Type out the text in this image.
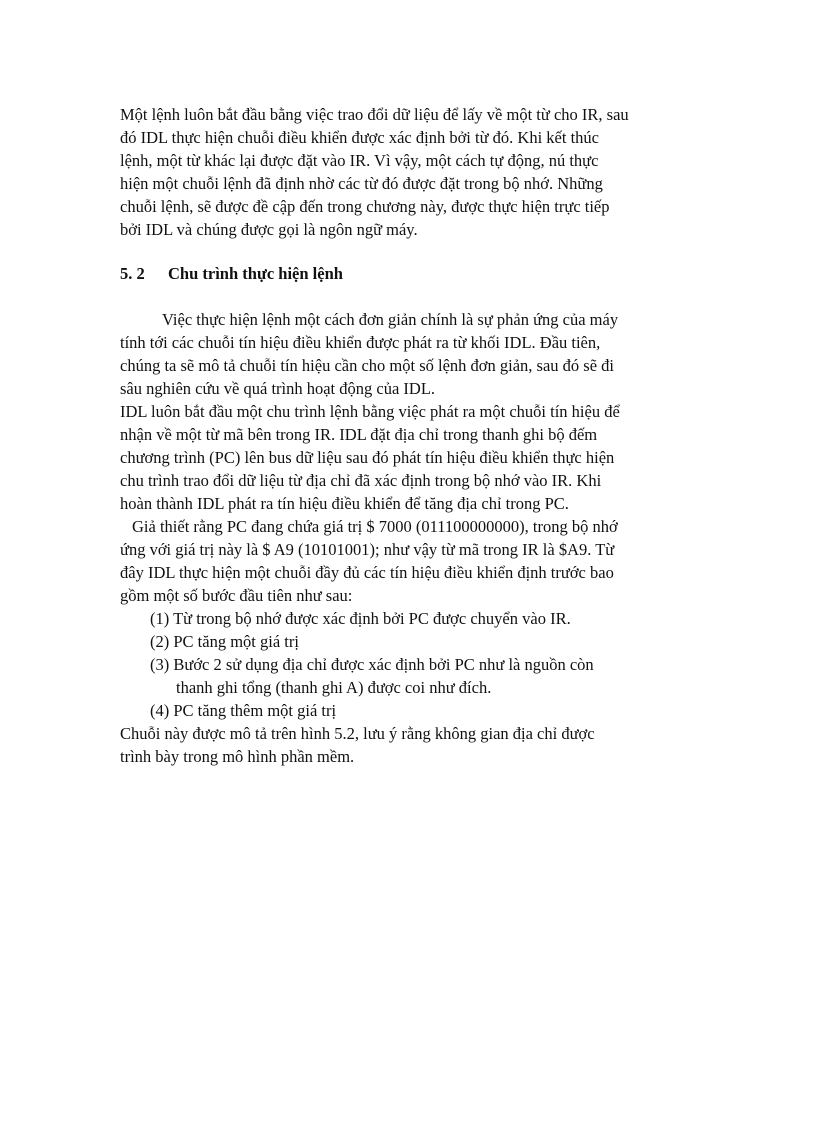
Một lệnh luôn bắt đầu bằng việc trao đổi dữ liệu để lấy về một từ cho IR, sau
đó IDL thực hiện chuỗi điều khiển được xác định bởi từ đó. Khi kết thúc
lệnh, một từ khác lại được đặt vào IR. Vì vậy, một cách tự động, nú thực
hiện một chuỗi lệnh đã định nhờ các từ đó được đặt trong bộ nhớ. Những
chuỗi lệnh, sẽ được đề cập đến trong chương này, được thực hiện trực tiếp
bởi IDL và chúng được gọi là ngôn ngữ máy.
5. 2 Chu trình thực hiện lệnh
Việc thực hiện lệnh một cách đơn giản chính là sự phản ứng của máy
tính tới các chuỗi tín hiệu điều khiển được phát ra từ khối IDL. Đầu tiên,
chúng ta sẽ mô tả chuỗi tín hiệu cần cho một số lệnh đơn giản, sau đó sẽ đi
sâu nghiên cứu về quá trình hoạt động của IDL.
IDL luôn bắt đầu một chu trình lệnh bằng việc phát ra một chuỗi tín hiệu để
nhận về một từ mã bên trong IR. IDL đặt địa chỉ trong thanh ghi bộ đếm
chương trình (PC) lên bus dữ liệu sau đó phát tín hiệu điều khiển thực hiện
chu trình trao đổi dữ liệu từ địa chỉ đã xác định trong bộ nhớ vào IR. Khi
hoàn thành IDL phát ra tín hiệu điều khiển để tăng địa chỉ trong PC.
Giả thiết rằng PC đang chứa giá trị $ 7000 (011100000000), trong bộ nhớ
ứng với giá trị này là $ A9 (10101001); như vậy từ mã trong IR là $A9. Từ
đây IDL thực hiện một chuỗi đầy đủ các tín hiệu điều khiển định trước bao
gồm một số bước đầu tiên như sau:
(1) Từ trong bộ nhớ được xác định bởi PC được chuyển vào IR.
(2) PC tăng một giá trị
(3) Bước 2 sử dụng địa chỉ được xác định bởi PC như là nguồn còn
thanh ghi tổng (thanh ghi A) được coi như đích.
(4) PC tăng thêm một giá trị
Chuỗi này được mô tả trên hình 5.2, lưu ý rằng không gian địa chỉ được
trình bày trong mô hình phần mềm.
